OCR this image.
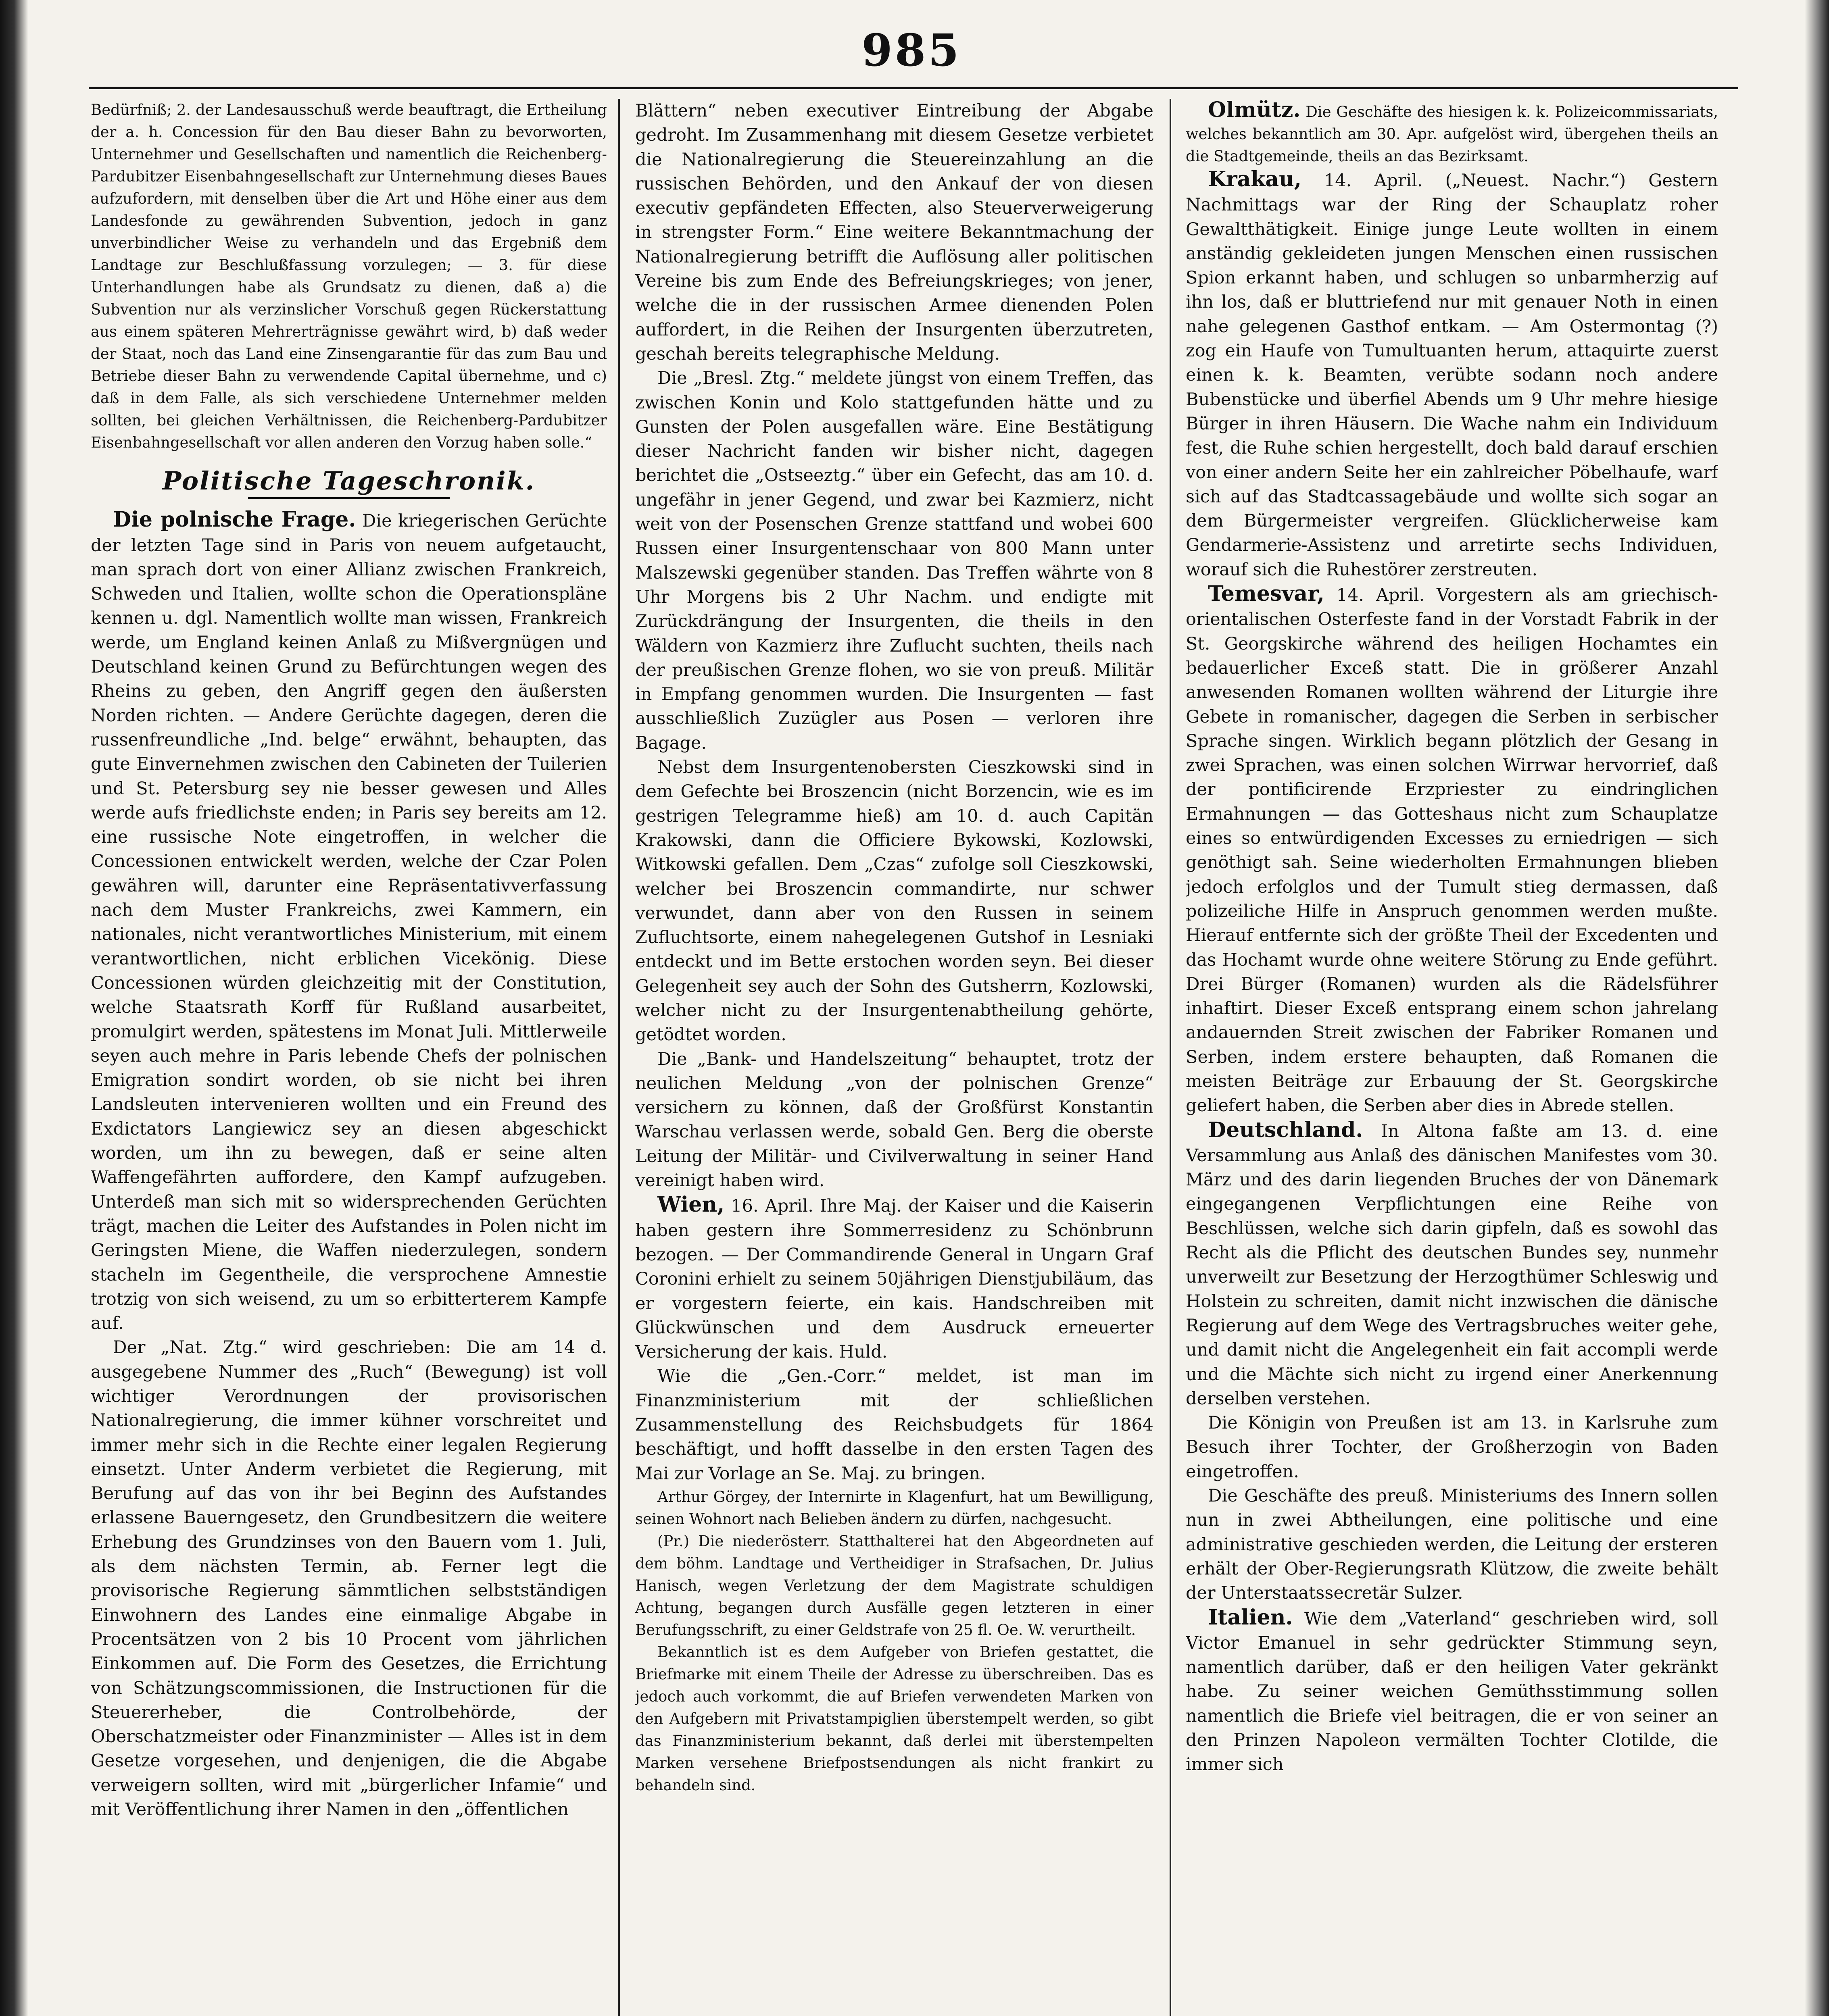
985

Bedürfniß; 2. der Landesausschuß werde beauftragt, die Ertheilung der a. h. Concession für den Bau dieser Bahn zu bevorworten, Unternehmer und Gesellschaften und namentlich die Reichenberg-Pardubitzer Eisenbahngesellschaft zur Unternehmung dieses Baues aufzufordern, mit denselben über die Art und Höhe einer aus dem Landesfonde zu gewährenden Subvention, jedoch in ganz unverbindlicher Weise zu verhandeln und das Ergebniß dem Landtage zur Beschlußfassung vorzulegen; — 3. für diese Unterhandlungen habe als Grundsatz zu dienen, daß a) die Subvention nur als verzinslicher Vorschuß gegen Rückerstattung aus einem späteren Mehrerträgnisse gewährt wird, b) daß weder der Staat, noch das Land eine Zinsengarantie für das zum Bau und Betriebe dieser Bahn zu verwendende Capital übernehme, und c) daß in dem Falle, als sich verschiedene Unternehmer melden sollten, bei gleichen Verhältnissen, die Reichenberg-Pardubitzer Eisenbahngesellschaft vor allen anderen den Vorzug haben solle.“

Politische Tageschronik.

Die polnische Frage. Die kriegerischen Gerüchte der letzten Tage sind in Paris von neuem aufgetaucht, man sprach dort von einer Allianz zwischen Frankreich, Schweden und Italien, wollte schon die Operationspläne kennen u. dgl. Namentlich wollte man wissen, Frankreich werde, um England keinen Anlaß zu Mißvergnügen und Deutschland keinen Grund zu Befürchtungen wegen des Rheins zu geben, den Angriff gegen den äußersten Norden richten. — Andere Gerüchte dagegen, deren die russenfreundliche „Ind. belge“ erwähnt, behaupten, das gute Einvernehmen zwischen den Cabineten der Tuilerien und St. Petersburg sey nie besser gewesen und Alles werde aufs friedlichste enden; in Paris sey bereits am 12. eine russische Note eingetroffen, in welcher die Concessionen entwickelt werden, welche der Czar Polen gewähren will, darunter eine Repräsentativverfassung nach dem Muster Frankreichs, zwei Kammern, ein nationales, nicht verantwortliches Ministerium, mit einem verantwortlichen, nicht erblichen Vicekönig. Diese Concessionen würden gleichzeitig mit der Constitution, welche Staatsrath Korff für Rußland ausarbeitet, promulgirt werden, spätestens im Monat Juli. Mittlerweile seyen auch mehre in Paris lebende Chefs der polnischen Emigration sondirt worden, ob sie nicht bei ihren Landsleuten intervenieren wollten und ein Freund des Exdictators Langiewicz sey an diesen abgeschickt worden, um ihn zu bewegen, daß er seine alten Waffengefährten auffordere, den Kampf aufzugeben. Unterdeß man sich mit so widersprechenden Gerüchten trägt, machen die Leiter des Aufstandes in Polen nicht im Geringsten Miene, die Waffen niederzulegen, sondern stacheln im Gegentheile, die versprochene Amnestie trotzig von sich weisend, zu um so erbitterterem Kampfe auf.

Der „Nat. Ztg.“ wird geschrieben: Die am 14 d. ausgegebene Nummer des „Ruch“ (Bewegung) ist voll wichtiger Verordnungen der provisorischen Nationalregierung, die immer kühner vorschreitet und immer mehr sich in die Rechte einer legalen Regierung einsetzt. Unter Anderm verbietet die Regierung, mit Berufung auf das von ihr bei Beginn des Aufstandes erlassene Bauerngesetz, den Grundbesitzern die weitere Erhebung des Grundzinses von den Bauern vom 1. Juli, als dem nächsten Termin, ab. Ferner legt die provisorische Regierung sämmtlichen selbstständigen Einwohnern des Landes eine einmalige Abgabe in Procentsätzen von 2 bis 10 Procent vom jährlichen Einkommen auf. Die Form des Gesetzes, die Errichtung von Schätzungscommissionen, die Instructionen für die Steuererheber, die Controlbehörde, der Oberschatzmeister oder Finanzminister — Alles ist in dem Gesetze vorgesehen, und denjenigen, die die Abgabe verweigern sollten, wird mit „bürgerlicher Infamie“ und mit Veröffentlichung ihrer Namen in den „öffentlichen

Blättern“ neben executiver Eintreibung der Abgabe gedroht. Im Zusammenhang mit diesem Gesetze verbietet die Nationalregierung die Steuereinzahlung an die russischen Behörden, und den Ankauf der von diesen executiv gepfändeten Effecten, also Steuerverweigerung in strengster Form.“ Eine weitere Bekanntmachung der Nationalregierung betrifft die Auflösung aller politischen Vereine bis zum Ende des Befreiungskrieges; von jener, welche die in der russischen Armee dienenden Polen auffordert, in die Reihen der Insurgenten überzutreten, geschah bereits telegraphische Meldung.

Die „Bresl. Ztg.“ meldete jüngst von einem Treffen, das zwischen Konin und Kolo stattgefunden hätte und zu Gunsten der Polen ausgefallen wäre. Eine Bestätigung dieser Nachricht fanden wir bisher nicht, dagegen berichtet die „Ostseeztg.“ über ein Gefecht, das am 10. d. ungefähr in jener Gegend, und zwar bei Kazmierz, nicht weit von der Posenschen Grenze stattfand und wobei 600 Russen einer Insurgentenschaar von 800 Mann unter Malszewski gegenüber standen. Das Treffen währte von 8 Uhr Morgens bis 2 Uhr Nachm. und endigte mit Zurückdrängung der Insurgenten, die theils in den Wäldern von Kazmierz ihre Zuflucht suchten, theils nach der preußischen Grenze flohen, wo sie von preuß. Militär in Empfang genommen wurden. Die Insurgenten — fast ausschließlich Zuzügler aus Posen — verloren ihre Bagage.

Nebst dem Insurgentenobersten Cieszkowski sind in dem Gefechte bei Broszencin (nicht Borzencin, wie es im gestrigen Telegramme hieß) am 10. d. auch Capitän Krakowski, dann die Officiere Bykowski, Kozlowski, Witkowski gefallen. Dem „Czas“ zufolge soll Cieszkowski, welcher bei Broszencin commandirte, nur schwer verwundet, dann aber von den Russen in seinem Zufluchtsorte, einem nahegelegenen Gutshof in Lesniaki entdeckt und im Bette erstochen worden seyn. Bei dieser Gelegenheit sey auch der Sohn des Gutsherrn, Kozlowski, welcher nicht zu der Insurgentenabtheilung gehörte, getödtet worden.

Die „Bank- und Handelszeitung“ behauptet, trotz der neulichen Meldung „von der polnischen Grenze“ versichern zu können, daß der Großfürst Konstantin Warschau verlassen werde, sobald Gen. Berg die oberste Leitung der Militär- und Civilverwaltung in seiner Hand vereinigt haben wird.

Wien, 16. April. Ihre Maj. der Kaiser und die Kaiserin haben gestern ihre Sommerresidenz zu Schönbrunn bezogen. — Der Commandirende General in Ungarn Graf Coronini erhielt zu seinem 50jährigen Dienstjubiläum, das er vorgestern feierte, ein kais. Handschreiben mit Glückwünschen und dem Ausdruck erneuerter Versicherung der kais. Huld.

Wie die „Gen.-Corr.“ meldet, ist man im Finanzministerium mit der schließlichen Zusammenstellung des Reichsbudgets für 1864 beschäftigt, und hofft dasselbe in den ersten Tagen des Mai zur Vorlage an Se. Maj. zu bringen.

Arthur Görgey, der Internirte in Klagenfurt, hat um Bewilligung, seinen Wohnort nach Belieben ändern zu dürfen, nachgesucht.

(Pr.) Die niederösterr. Statthalterei hat den Abgeordneten auf dem böhm. Landtage und Vertheidiger in Strafsachen, Dr. Julius Hanisch, wegen Verletzung der dem Magistrate schuldigen Achtung, begangen durch Ausfälle gegen letzteren in einer Berufungsschrift, zu einer Geldstrafe von 25 fl. Oe. W. verurtheilt.

Bekanntlich ist es dem Aufgeber von Briefen gestattet, die Briefmarke mit einem Theile der Adresse zu überschreiben. Das es jedoch auch vorkommt, die auf Briefen verwendeten Marken von den Aufgebern mit Privatstampiglien überstempelt werden, so gibt das Finanzministerium bekannt, daß derlei mit überstempelten Marken versehene Briefpostsendungen als nicht frankirt zu behandeln sind.

Olmütz. Die Geschäfte des hiesigen k. k. Polizeicommissariats, welches bekanntlich am 30. Apr. aufgelöst wird, übergehen theils an die Stadtgemeinde, theils an das Bezirksamt.

Krakau, 14. April. („Neuest. Nachr.“) Gestern Nachmittags war der Ring der Schauplatz roher Gewaltthätigkeit. Einige junge Leute wollten in einem anständig gekleideten jungen Menschen einen russischen Spion erkannt haben, und schlugen so unbarmherzig auf ihn los, daß er bluttriefend nur mit genauer Noth in einen nahe gelegenen Gasthof entkam. — Am Ostermontag (?) zog ein Haufe von Tumultuanten herum, attaquirte zuerst einen k. k. Beamten, verübte sodann noch andere Bubenstücke und überfiel Abends um 9 Uhr mehre hiesige Bürger in ihren Häusern. Die Wache nahm ein Individuum fest, die Ruhe schien hergestellt, doch bald darauf erschien von einer andern Seite her ein zahlreicher Pöbelhaufe, warf sich auf das Stadtcassagebäude und wollte sich sogar an dem Bürgermeister vergreifen. Glücklicherweise kam Gendarmerie-Assistenz und arretirte sechs Individuen, worauf sich die Ruhestörer zerstreuten.

Temesvar, 14. April. Vorgestern als am griechisch-orientalischen Osterfeste fand in der Vorstadt Fabrik in der St. Georgskirche während des heiligen Hochamtes ein bedauerlicher Exceß statt. Die in größerer Anzahl anwesenden Romanen wollten während der Liturgie ihre Gebete in romanischer, dagegen die Serben in serbischer Sprache singen. Wirklich begann plötzlich der Gesang in zwei Sprachen, was einen solchen Wirrwar hervorrief, daß der pontificirende Erzpriester zu eindringlichen Ermahnungen — das Gotteshaus nicht zum Schauplatze eines so entwürdigenden Excesses zu erniedrigen — sich genöthigt sah. Seine wiederholten Ermahnungen blieben jedoch erfolglos und der Tumult stieg dermassen, daß polizeiliche Hilfe in Anspruch genommen werden mußte. Hierauf entfernte sich der größte Theil der Excedenten und das Hochamt wurde ohne weitere Störung zu Ende geführt. Drei Bürger (Romanen) wurden als die Rädelsführer inhaftirt. Dieser Exceß entsprang einem schon jahrelang andauernden Streit zwischen der Fabriker Romanen und Serben, indem erstere behaupten, daß Romanen die meisten Beiträge zur Erbauung der St. Georgskirche geliefert haben, die Serben aber dies in Abrede stellen.

Deutschland. In Altona faßte am 13. d. eine Versammlung aus Anlaß des dänischen Manifestes vom 30. März und des darin liegenden Bruches der von Dänemark eingegangenen Verpflichtungen eine Reihe von Beschlüssen, welche sich darin gipfeln, daß es sowohl das Recht als die Pflicht des deutschen Bundes sey, nunmehr unverweilt zur Besetzung der Herzogthümer Schleswig und Holstein zu schreiten, damit nicht inzwischen die dänische Regierung auf dem Wege des Vertragsbruches weiter gehe, und damit nicht die Angelegenheit ein fait accompli werde und die Mächte sich nicht zu irgend einer Anerkennung derselben verstehen.

Die Königin von Preußen ist am 13. in Karlsruhe zum Besuch ihrer Tochter, der Großherzogin von Baden eingetroffen.

Die Geschäfte des preuß. Ministeriums des Innern sollen nun in zwei Abtheilungen, eine politische und eine administrative geschieden werden, die Leitung der ersteren erhält der Ober-Regierungsrath Klützow, die zweite behält der Unterstaatssecretär Sulzer.

Italien. Wie dem „Vaterland“ geschrieben wird, soll Victor Emanuel in sehr gedrückter Stimmung seyn, namentlich darüber, daß er den heiligen Vater gekränkt habe. Zu seiner weichen Gemüthsstimmung sollen namentlich die Briefe viel beitragen, die er von seiner an den Prinzen Napoleon vermälten Tochter Clotilde, die immer sich
